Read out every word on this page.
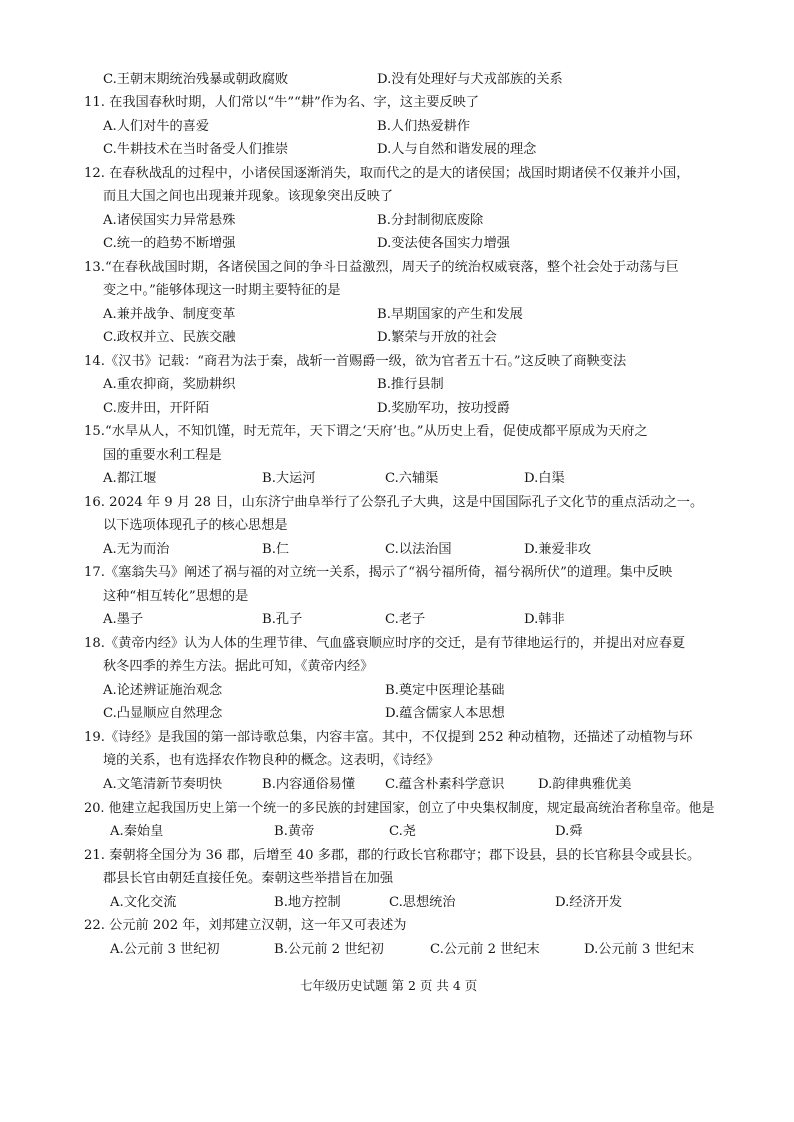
C.王朝末期统治残暴或朝政腐败	D.没有处理好与犬戎部族的关系
11. 在我国春秋时期，人们常以“牛”“耕”作为名、字，这主要反映了
A.人们对牛的喜爱	B.人们热爱耕作
C.牛耕技术在当时备受人们推崇	D.人与自然和谐发展的理念
12. 在春秋战乱的过程中，小诸侯国逐渐消失，取而代之的是大的诸侯国；战国时期诸侯不仅兼并小国，
而且大国之间也出现兼并现象。该现象突出反映了
A.诸侯国实力异常悬殊	B.分封制彻底废除
C.统一的趋势不断增强	D.变法使各国实力增强
13.“在春秋战国时期，各诸侯国之间的争斗日益激烈，周天子的统治权威衰落，整个社会处于动荡与巨
变之中。”能够体现这一时期主要特征的是
A.兼并战争、制度变革	B.早期国家的产生和发展
C.政权并立、民族交融	D.繁荣与开放的社会
14.《汉书》记载：“商君为法于秦，战斩一首赐爵一级，欲为官者五十石。”这反映了商鞅变法
A.重农抑商，奖励耕织	B.推行县制
C.废井田，开阡陌	D.奖励军功，按功授爵
15.“水旱从人，不知饥馑，时无荒年，天下谓之‘天府’也。”从历史上看，促使成都平原成为天府之
国的重要水利工程是
A.都江堰	B.大运河	C.六辅渠	D.白渠
16. 2024 年 9 月 28 日，山东济宁曲阜举行了公祭孔子大典，这是中国国际孔子文化节的重点活动之一。
以下选项体现孔子的核心思想是
A.无为而治	B.仁	C.以法治国	D.兼爱非攻
17.《塞翁失马》阐述了祸与福的对立统一关系，揭示了“祸兮福所倚，福兮祸所伏”的道理。集中反映
这种“相互转化”思想的是
A.墨子	B.孔子	C.老子	D.韩非
18.《黄帝内经》认为人体的生理节律、气血盛衰顺应时序的交迁，是有节律地运行的，并提出对应春夏
秋冬四季的养生方法。据此可知，《黄帝内经》
A.论述辨证施治观念	B.奠定中医理论基础
C.凸显顺应自然理念	D.蕴含儒家人本思想
19.《诗经》是我国的第一部诗歌总集，内容丰富。其中，不仅提到 252 种动植物，还描述了动植物与环
境的关系，也有选择农作物良种的概念。这表明，《诗经》
A.文笔清新节奏明快	B.内容通俗易懂 C.蕴含朴素科学意识	D.韵律典雅优美
20. 他建立起我国历史上第一个统一的多民族的封建国家，创立了中央集权制度，规定最高统治者称皇帝。他是
A.秦始皇	B.黄帝	C.尧	D.舜
21. 秦朝将全国分为 36 郡，后增至 40 多郡，郡的行政长官称郡守；郡下设县，县的长官称县令或县长。
郡县长官由朝廷直接任免。秦朝这些举措旨在加强
A.文化交流	B.地方控制	C.思想统治	D.经济开发
22. 公元前 202 年，刘邦建立汉朝，这一年又可表述为
A.公元前 3 世纪初	B.公元前 2 世纪初	C.公元前 2 世纪末	D.公元前 3 世纪末
七年级历史试题 第 2 页 共 4 页
